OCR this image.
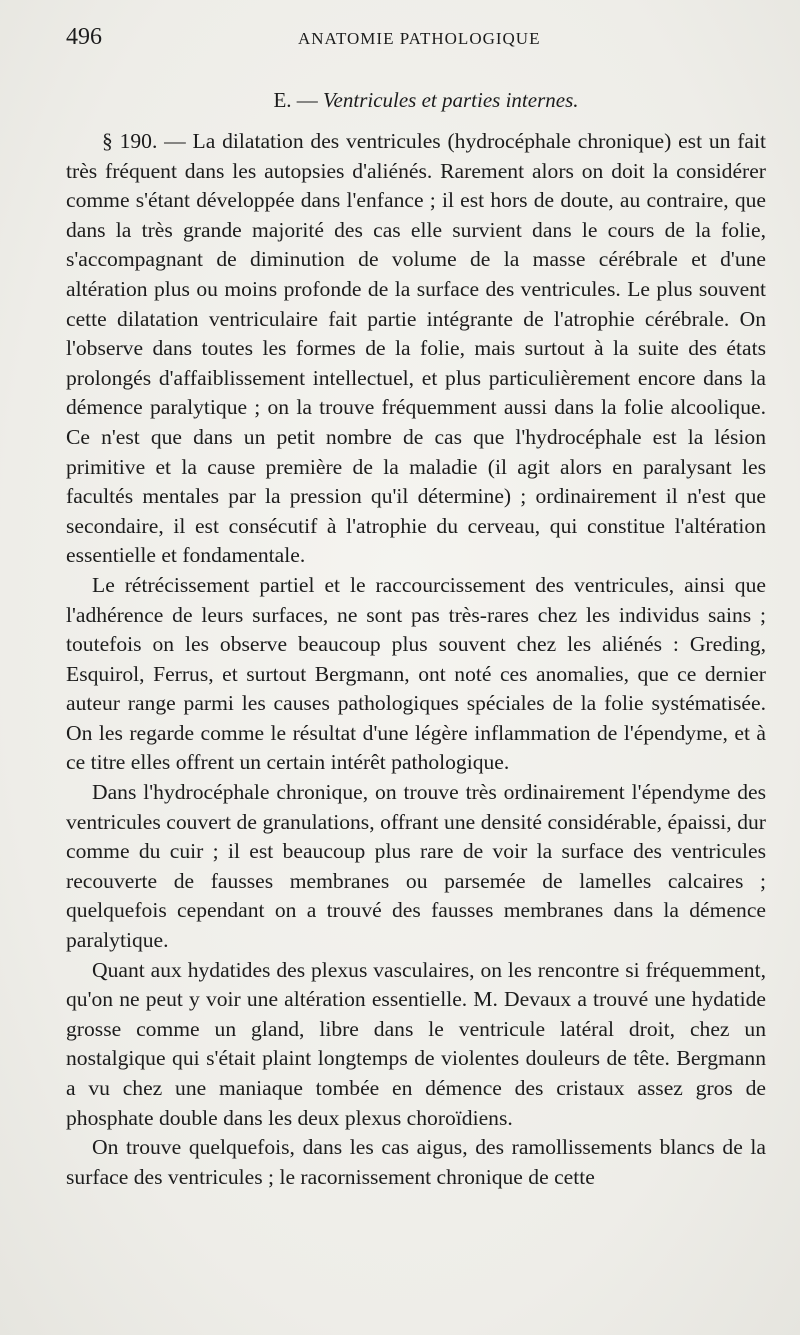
496	ANATOMIE PATHOLOGIQUE
E. — Ventricules et parties internes.

§ 190. — La dilatation des ventricules (hydrocéphale chronique) est un fait très fréquent dans les autopsies d'aliénés. Rarement alors on doit la considérer comme s'étant développée dans l'enfance ; il est hors de doute, au contraire, que dans la très grande majorité des cas elle survient dans le cours de la folie, s'accompagnant de diminution de volume de la masse cérébrale et d'une altération plus ou moins profonde de la surface des ventricules. Le plus souvent cette dilatation ventriculaire fait partie intégrante de l'atrophie cérébrale. On l'observe dans toutes les formes de la folie, mais surtout à la suite des états prolongés d'affaiblissement intellectuel, et plus particulièrement encore dans la démence paralytique ; on la trouve fréquemment aussi dans la folie alcoolique. Ce n'est que dans un petit nombre de cas que l'hydrocéphale est la lésion primitive et la cause première de la maladie (il agit alors en paralysant les facultés mentales par la pression qu'il détermine) ; ordinairement il n'est que secondaire, il est consécutif à l'atrophie du cerveau, qui constitue l'altération essentielle et fondamentale.

Le rétrécissement partiel et le raccourcissement des ventricules, ainsi que l'adhérence de leurs surfaces, ne sont pas très-rares chez les individus sains ; toutefois on les observe beaucoup plus souvent chez les aliénés : Greding, Esquirol, Ferrus, et surtout Bergmann, ont noté ces anomalies, que ce dernier auteur range parmi les causes pathologiques spéciales de la folie systématisée. On les regarde comme le résultat d'une légère inflammation de l'épendyme, et à ce titre elles offrent un certain intérêt pathologique.

Dans l'hydrocéphale chronique, on trouve très ordinairement l'épendyme des ventricules couvert de granulations, offrant une densité considérable, épaissi, dur comme du cuir ; il est beaucoup plus rare de voir la surface des ventricules recouverte de fausses membranes ou parsemée de lamelles calcaires ; quelquefois cependant on a trouvé des fausses membranes dans la démence paralytique.

Quant aux hydatides des plexus vasculaires, on les rencontre si fréquemment, qu'on ne peut y voir une altération essentielle. M. Devaux a trouvé une hydatide grosse comme un gland, libre dans le ventricule latéral droit, chez un nostalgique qui s'était plaint longtemps de violentes douleurs de tête. Bergmann a vu chez une maniaque tombée en démence des cristaux assez gros de phosphate double dans les deux plexus choroïdiens.

On trouve quelquefois, dans les cas aigus, des ramollissements blancs de la surface des ventricules ; le racornissement chronique de cette
